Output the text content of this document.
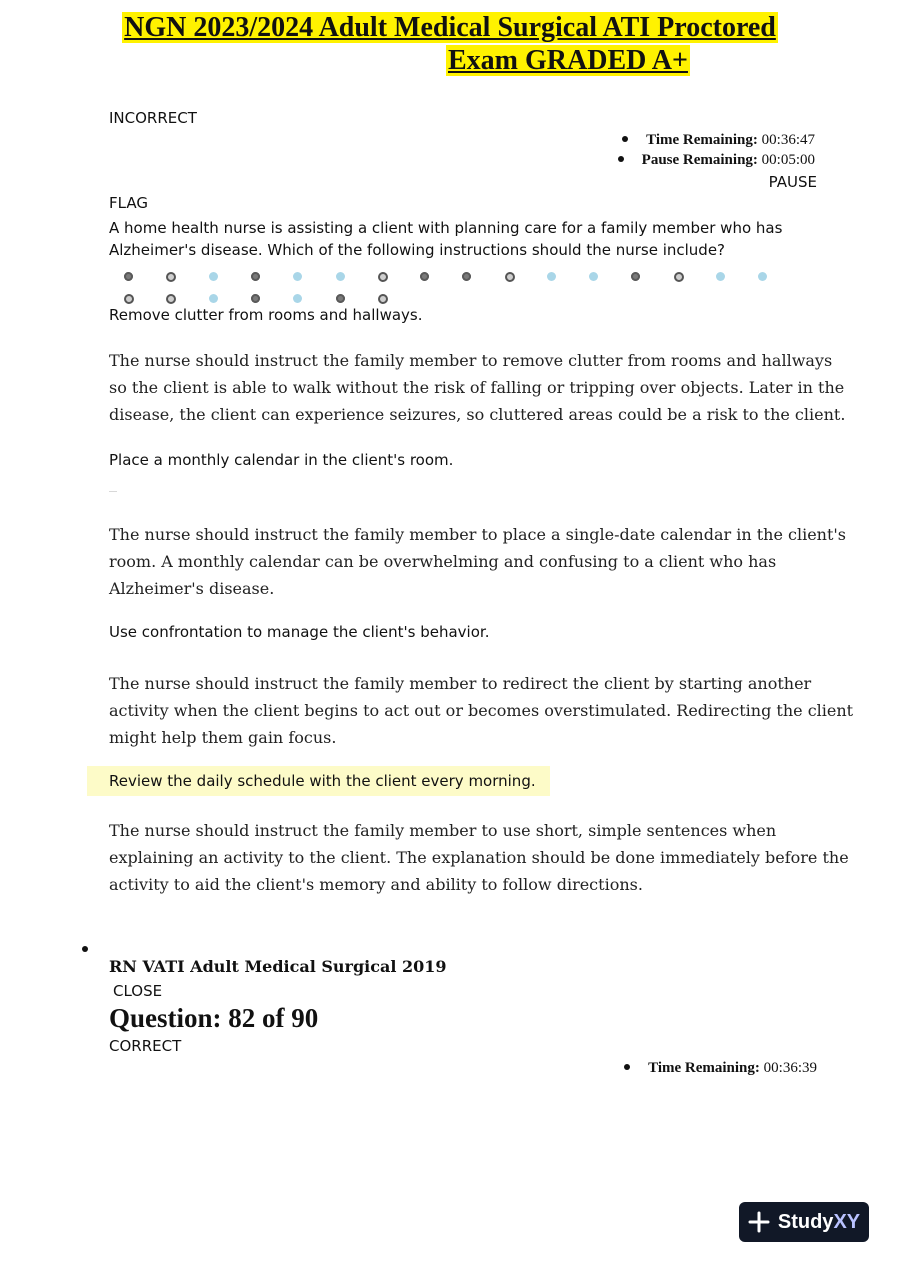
NGN 2023/2024 Adult Medical Surgical ATI Proctored
Exam GRADED A+
INCORRECT
Time Remaining: 00:36:47
Pause Remaining: 00:05:00
PAUSE
FLAG
A home health nurse is assisting a client with planning care for a family member who has
Alzheimer's disease. Which of the following instructions should the nurse include?
Remove clutter from rooms and hallways.
The nurse should instruct the family member to remove clutter from rooms and hallways
so the client is able to walk without the risk of falling or tripping over objects. Later in the
disease, the client can experience seizures, so cluttered areas could be a risk to the client.
Place a monthly calendar in the client's room.
The nurse should instruct the family member to place a single-date calendar in the client's
room. A monthly calendar can be overwhelming and confusing to a client who has
Alzheimer's disease.
Use confrontation to manage the client's behavior.
The nurse should instruct the family member to redirect the client by starting another
activity when the client begins to act out or becomes overstimulated. Redirecting the client
might help them gain focus.
Review the daily schedule with the client every morning.
The nurse should instruct the family member to use short, simple sentences when
explaining an activity to the client. The explanation should be done immediately before the
activity to aid the client's memory and ability to follow directions.
RN VATI Adult Medical Surgical 2019
CLOSE
Question: 82 of 90
CORRECT
Time Remaining: 00:36:39
StudyXY
